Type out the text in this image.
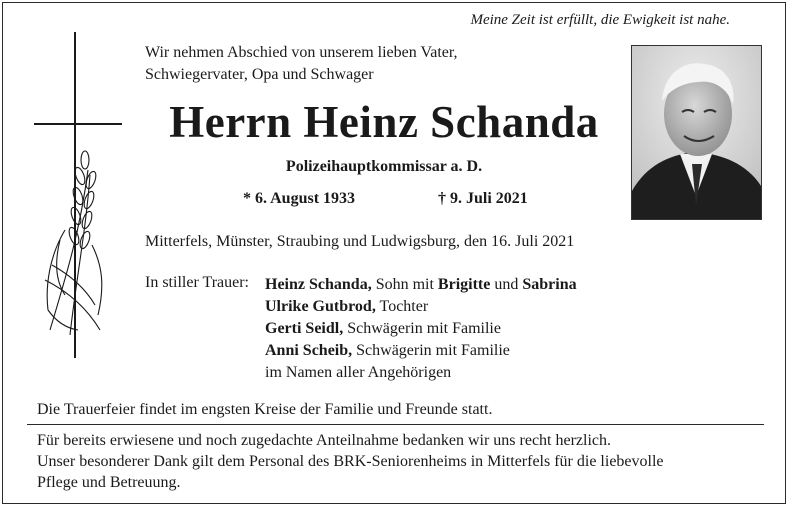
Meine Zeit ist erfüllt, die Ewigkeit ist nahe.
Wir nehmen Abschied von unserem lieben Vater,
Schwiegervater, Opa und Schwager
Herrn Heinz Schanda
Polizeihauptkommissar a. D.
* 6. August 1933	† 9. Juli 2021
Mitterfels, Münster, Straubing und Ludwigsburg, den 16. Juli 2021
In stiller Trauer: Heinz Schanda, Sohn mit Brigitte und Sabrina
Ulrike Gutbrod, Tochter
Gerti Seidl, Schwägerin mit Familie
Anni Scheib, Schwägerin mit Familie
im Namen aller Angehörigen
Die Trauerfeier findet im engsten Kreise der Familie und Freunde statt.
Für bereits erwiesene und noch zugedachte Anteilnahme bedanken wir uns recht herzlich.
Unser besonderer Dank gilt dem Personal des BRK-Seniorenheims in Mitterfels für die liebevolle
Pflege und Betreuung.
